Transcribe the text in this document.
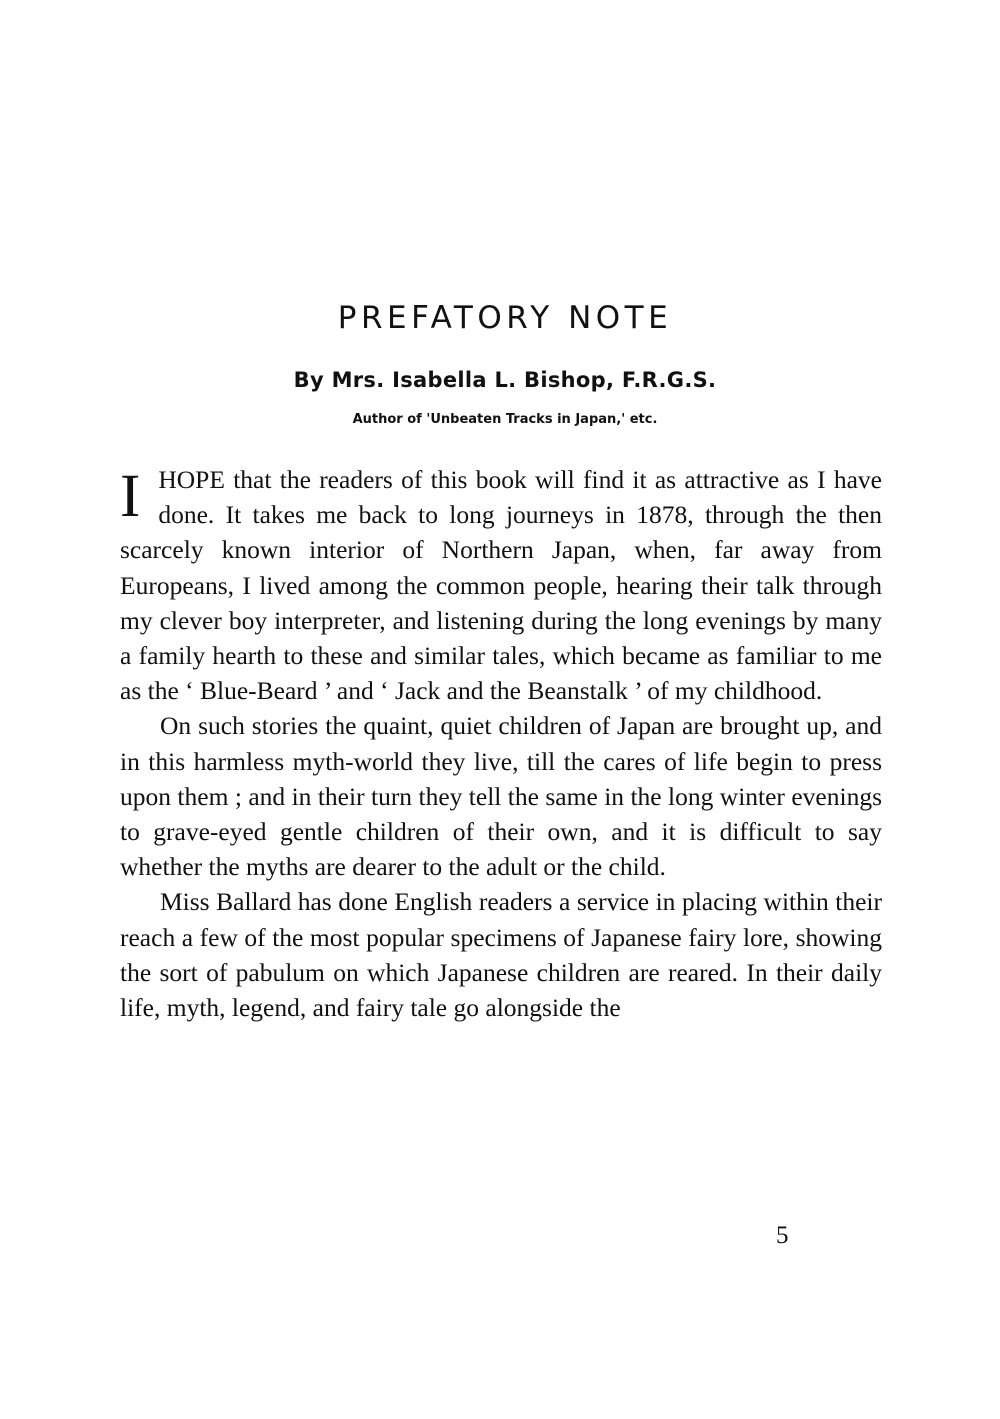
PREFATORY NOTE
By Mrs. Isabella L. Bishop, F.R.G.S.
Author of 'Unbeaten Tracks in Japan,' etc.

IHOPE that the readers of this book will find it as attractive as I have done. It takes me back to long journeys in 1878, through the then scarcely known interior of Northern Japan, when, far away from Europeans, I lived among the common people, hearing their talk through my clever boy interpreter, and listening during the long evenings by many a family hearth to these and similar tales, which became as familiar to me as the ‘ Blue-Beard ’ and ‘ Jack and the Beanstalk ’ of my childhood.

On such stories the quaint, quiet children of Japan are brought up, and in this harmless myth-world they live, till the cares of life begin to press upon them ; and in their turn they tell the same in the long winter evenings to grave-eyed gentle children of their own, and it is difficult to say whether the myths are dearer to the adult or the child.

Miss Ballard has done English readers a service in placing within their reach a few of the most popular specimens of Japanese fairy lore, showing the sort of pabulum on which Japanese children are reared. In their daily life, myth, legend, and fairy tale go alongside the

5
